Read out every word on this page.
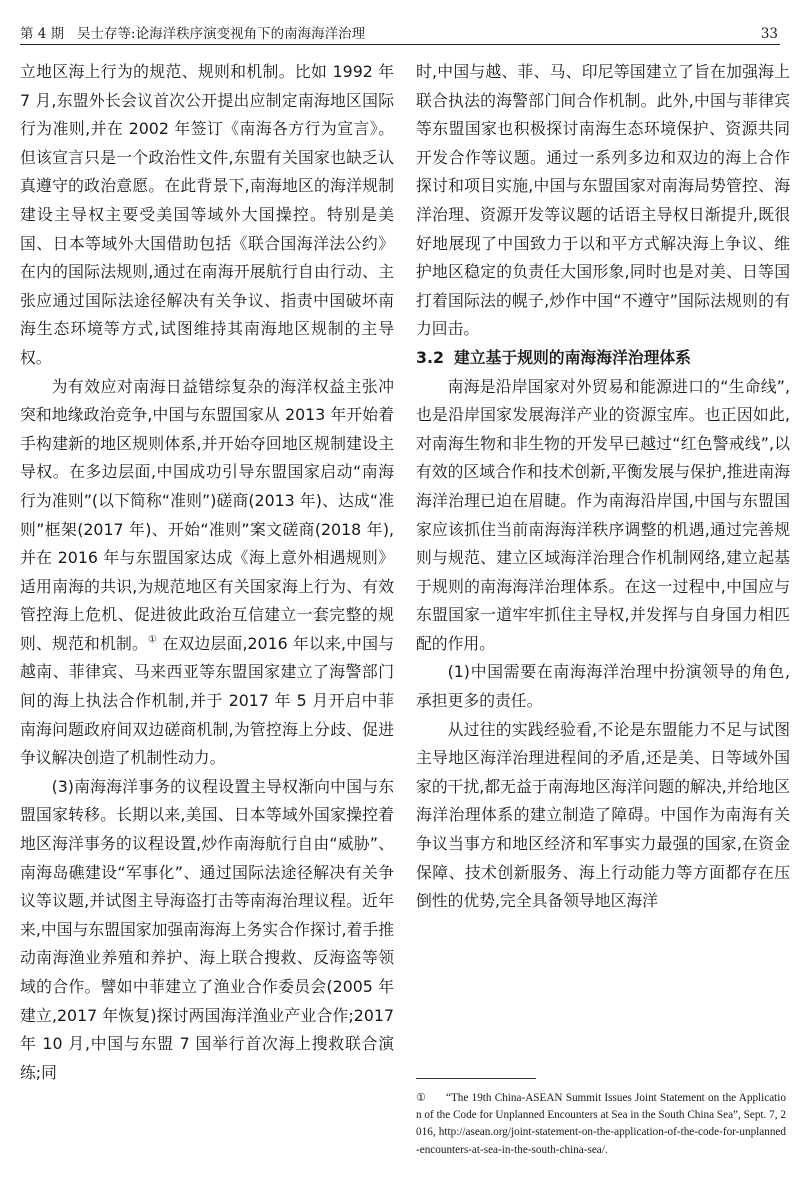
第 4 期 吴士存等:论海洋秩序演变视角下的南海海洋治理	33

立地区海上行为的规范、规则和机制。比如 1992 年 7 月,东盟外长会议首次公开提出应制定南海地区国际行为准则,并在 2002 年签订《南海各方行为宣言》。但该宣言只是一个政治性文件,东盟有关国家也缺乏认真遵守的政治意愿。在此背景下,南海地区的海洋规制建设主导权主要受美国等域外大国操控。特别是美国、日本等域外大国借助包括《联合国海洋法公约》在内的国际法规则,通过在南海开展航行自由行动、主张应通过国际法途径解决有关争议、指责中国破坏南海生态环境等方式,试图维持其南海地区规制的主导权。

为有效应对南海日益错综复杂的海洋权益主张冲突和地缘政治竞争,中国与东盟国家从 2013 年开始着手构建新的地区规则体系,并开始夺回地区规制建设主导权。在多边层面,中国成功引导东盟国家启动“南海行为准则”(以下简称“准则”)磋商(2013 年)、达成“准则”框架(2017 年)、开始“准则”案文磋商(2018 年),并在 2016 年与东盟国家达成《海上意外相遇规则》适用南海的共识,为规范地区有关国家海上行为、有效管控海上危机、促进彼此政治互信建立一套完整的规则、规范和机制。① 在双边层面,2016 年以来,中国与越南、菲律宾、马来西亚等东盟国家建立了海警部门间的海上执法合作机制,并于 2017 年 5 月开启中菲南海问题政府间双边磋商机制,为管控海上分歧、促进争议解决创造了机制性动力。

(3)南海海洋事务的议程设置主导权渐向中国与东盟国家转移。长期以来,美国、日本等域外国家操控着地区海洋事务的议程设置,炒作南海航行自由“威胁”、南海岛礁建设“军事化”、通过国际法途径解决有关争议等议题,并试图主导海盗打击等南海治理议程。近年来,中国与东盟国家加强南海海上务实合作探讨,着手推动南海渔业养殖和养护、海上联合搜救、反海盗等领域的合作。譬如中菲建立了渔业合作委员会(2005 年建立,2017 年恢复)探讨两国海洋渔业产业合作;2017 年 10 月,中国与东盟 7 国举行首次海上搜救联合演练;同

时,中国与越、菲、马、印尼等国建立了旨在加强海上联合执法的海警部门间合作机制。此外,中国与菲律宾等东盟国家也积极探讨南海生态环境保护、资源共同开发合作等议题。通过一系列多边和双边的海上合作探讨和项目实施,中国与东盟国家对南海局势管控、海洋治理、资源开发等议题的话语主导权日渐提升,既很好地展现了中国致力于以和平方式解决海上争议、维护地区稳定的负责任大国形象,同时也是对美、日等国打着国际法的幌子,炒作中国“不遵守”国际法规则的有力回击。

3.2 建立基于规则的南海海洋治理体系

南海是沿岸国家对外贸易和能源进口的“生命线”,也是沿岸国家发展海洋产业的资源宝库。也正因如此,对南海生物和非生物的开发早已越过“红色警戒线”,以有效的区域合作和技术创新,平衡发展与保护,推进南海海洋治理已迫在眉睫。作为南海沿岸国,中国与东盟国家应该抓住当前南海海洋秩序调整的机遇,通过完善规则与规范、建立区域海洋治理合作机制网络,建立起基于规则的南海海洋治理体系。在这一过程中,中国应与东盟国家一道牢牢抓住主导权,并发挥与自身国力相匹配的作用。

(1)中国需要在南海海洋治理中扮演领导的角色,承担更多的责任。

从过往的实践经验看,不论是东盟能力不足与试图主导地区海洋治理进程间的矛盾,还是美、日等域外国家的干扰,都无益于南海地区海洋问题的解决,并给地区海洋治理体系的建立制造了障碍。中国作为南海有关争议当事方和地区经济和军事实力最强的国家,在资金保障、技术创新服务、海上行动能力等方面都存在压倒性的优势,完全具备领导地区海洋

① “The 19th China-ASEAN Summit Issues Joint Statement on the Application of the Code for Unplanned Encounters at Sea in the South China Sea”, Sept. 7, 2016, http://asean.org/joint-statement-on-the-application-of-the-code-for-unplanned-encounters-at-sea-in-the-south-china-sea/.
